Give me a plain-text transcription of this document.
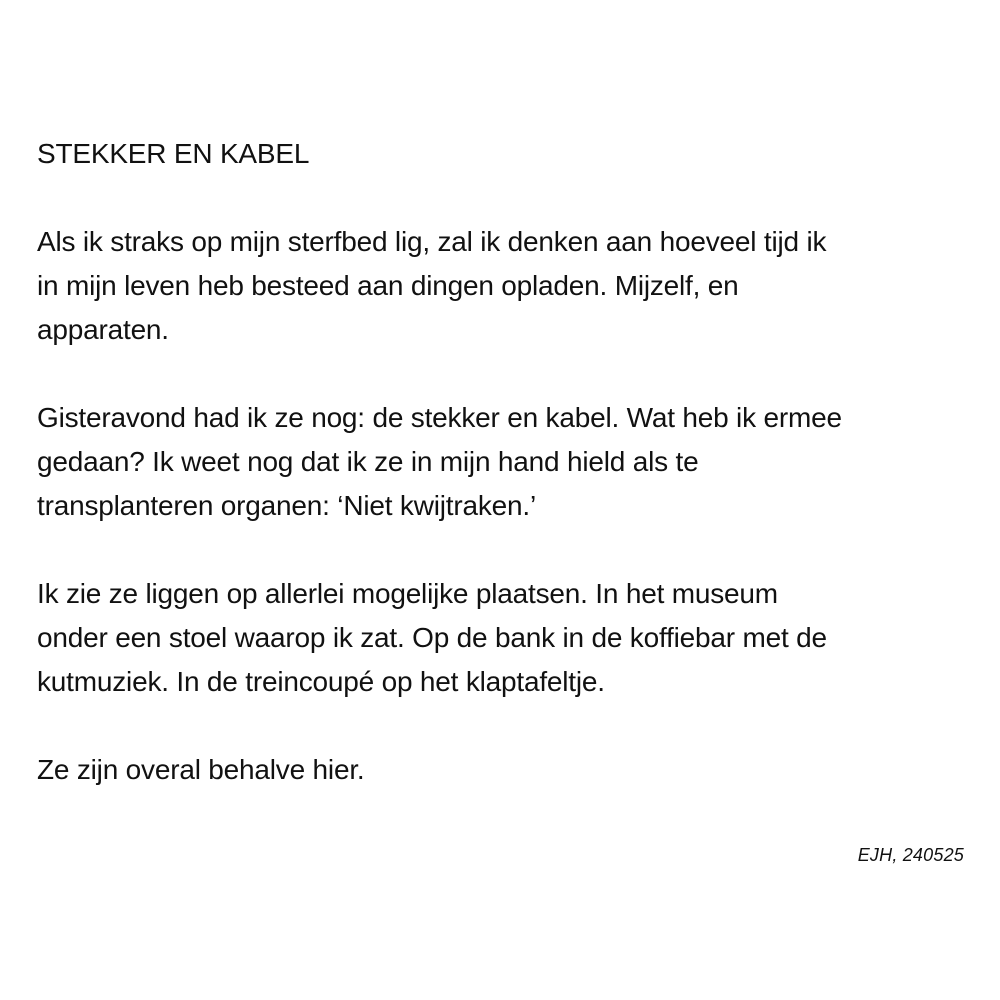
STEKKER EN KABEL

Als ik straks op mijn sterfbed lig, zal ik denken aan hoeveel tijd ik
in mijn leven heb besteed aan dingen opladen. Mijzelf, en
apparaten.

Gisteravond had ik ze nog: de stekker en kabel. Wat heb ik ermee
gedaan? Ik weet nog dat ik ze in mijn hand hield als te
transplanteren organen: ‘Niet kwijtraken.’

Ik zie ze liggen op allerlei mogelijke plaatsen. In het museum
onder een stoel waarop ik zat. Op de bank in de koffiebar met de
kutmuziek. In de treincoupé op het klaptafeltje.

Ze zijn overal behalve hier.

EJH, 240525
